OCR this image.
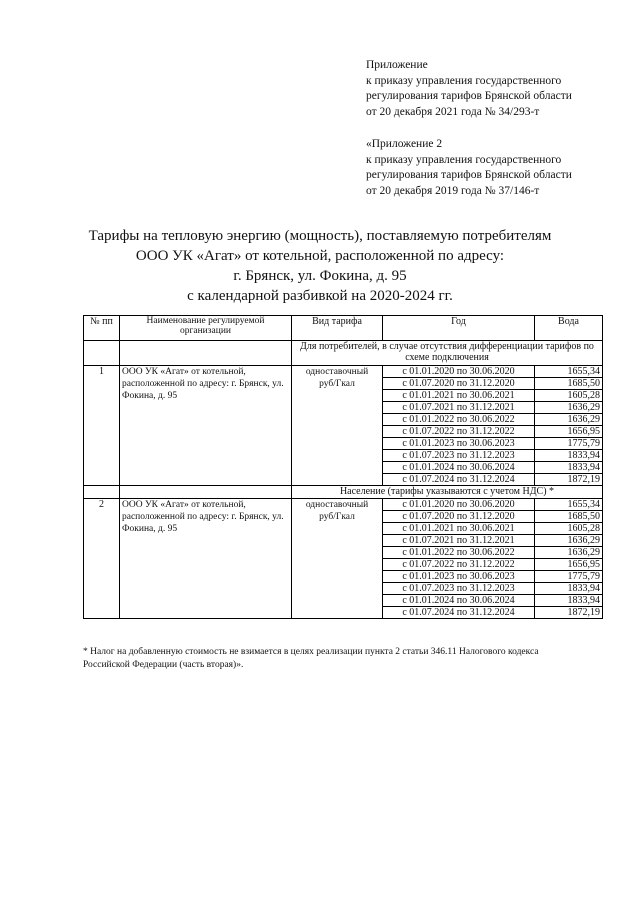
Приложение
к приказу управления государственного
регулирования тарифов Брянской области
от 20 декабря 2021 года № 34/293-т
«Приложение 2
к приказу управления государственного
регулирования тарифов Брянской области
от 20 декабря 2019 года № 37/146-т
Тарифы на тепловую энергию (мощность), поставляемую потребителям
ООО УК «Агат» от котельной, расположенной по адресу:
г. Брянск, ул. Фокина, д. 95
с календарной разбивкой на 2020-2024 гг.
№ пп	Наименование регулируемой организации	Вид тарифа	Год	Вода
		Для потребителей, в случае отсутствия дифференциации тарифов по схеме подключения		
1	ООО УК «Агат» от котельной, расположенной по адресу: г. Брянск, ул. Фокина, д. 95	одноставочный
руб/Гкал	с 01.01.2020 по 30.06.2020	1655,34
			с 01.07.2020 по 31.12.2020	1685,50
			с 01.01.2021 по 30.06.2021	1605,28
			с 01.07.2021 по 31.12.2021	1636,29
			с 01.01.2022 по 30.06.2022	1636,29
			с 01.07.2022 по 31.12.2022	1656,95
			с 01.01.2023 по 30.06.2023	1775,79
			с 01.07.2023 по 31.12.2023	1833,94
			с 01.01.2024 по 30.06.2024	1833,94
			с 01.07.2024 по 31.12.2024	1872,19
		Население (тарифы указываются с учетом НДС) *		
2	ООО УК «Агат» от котельной, расположенной по адресу: г. Брянск, ул. Фокина, д. 95	одноставочный
руб/Гкал	с 01.01.2020 по 30.06.2020	1655,34
			с 01.07.2020 по 31.12.2020	1685,50
			с 01.01.2021 по 30.06.2021	1605,28
			с 01.07.2021 по 31.12.2021	1636,29
			с 01.01.2022 по 30.06.2022	1636,29
			с 01.07.2022 по 31.12.2022	1656,95
			с 01.01.2023 по 30.06.2023	1775,79
			с 01.07.2023 по 31.12.2023	1833,94
			с 01.01.2024 по 30.06.2024	1833,94
			с 01.07.2024 по 31.12.2024	1872,19
* Налог на добавленную стоимость не взимается в целях реализации пункта 2 статьи 346.11 Налогового кодекса
Российской Федерации (часть вторая)».
